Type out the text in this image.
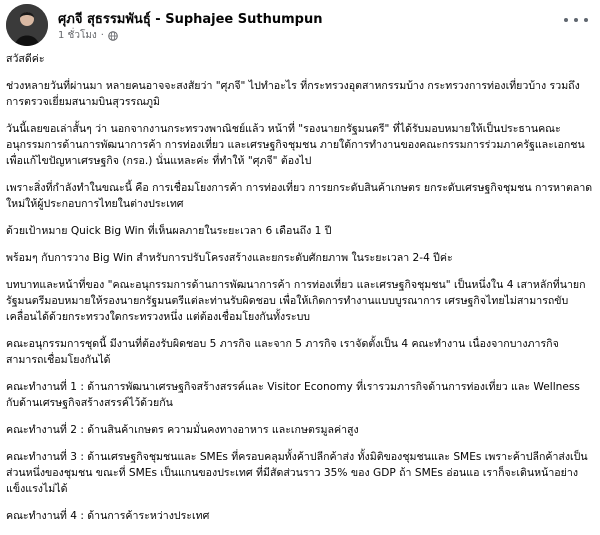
ศุภจี สุธรรมพันธุ์ - Suphajee Suthumpun
1 ชั่วโมง ·

สวัสดีค่ะ

ช่วงหลายวันที่ผ่านมา หลายคนอาจจะสงสัยว่า "ศุภจี" ไปทำอะไร ที่กระทรวงอุตสาหกรรมบ้าง กระทรวงการท่องเที่ยวบ้าง รวมถึงการตรวจเยี่ยมสนามบินสุวรรณภูมิ

วันนี้เลยขอเล่าสั้นๆ ว่า นอกจากงานกระทรวงพาณิชย์แล้ว หน้าที่ "รองนายกรัฐมนตรี" ที่ได้รับมอบหมายให้เป็นประธานคณะอนุกรรมการด้านการพัฒนาการค้า การท่องเที่ยว และเศรษฐกิจชุมชน ภายใต้การทำงานของคณะกรรมการร่วมภาครัฐและเอกชนเพื่อแก้ไขปัญหาเศรษฐกิจ (กรอ.) นั่นแหละค่ะ ที่ทำให้ "ศุภจี" ต้องไป

เพราะสิ่งที่กำลังทำในขณะนี้ คือ การเชื่อมโยงการค้า การท่องเที่ยว การยกระดับสินค้าเกษตร ยกระดับเศรษฐกิจชุมชน การหาตลาดใหม่ให้ผู้ประกอบการไทยในต่างประเทศ

ด้วยเป้าหมาย Quick Big Win ที่เห็นผลภายในระยะเวลา 6 เดือนถึง 1 ปี

พร้อมๆ กับการวาง Big Win สำหรับการปรับโครงสร้างและยกระดับศักยภาพ ในระยะเวลา 2-4 ปีค่ะ

บทบาทและหน้าที่ของ "คณะอนุกรรมการด้านการพัฒนาการค้า การท่องเที่ยว และเศรษฐกิจชุมชน" เป็นหนึ่งใน 4 เสาหลักที่นายกรัฐมนตรีมอบหมายให้รองนายกรัฐมนตรีแต่ละท่านรับผิดชอบ เพื่อให้เกิดการทำงานแบบบูรณาการ เศรษฐกิจไทยไม่สามารถขับเคลื่อนได้ด้วยกระทรวงใดกระทรวงหนึ่ง แต่ต้องเชื่อมโยงกันทั้งระบบ

คณะอนุกรรมการชุดนี้ มีงานที่ต้องรับผิดชอบ 5 ภารกิจ และจาก 5 ภารกิจ เราจัดตั้งเป็น 4 คณะทำงาน เนื่องจากบางภารกิจสามารถเชื่อมโยงกันได้

คณะทำงานที่ 1 : ด้านการพัฒนาเศรษฐกิจสร้างสรรค์และ Visitor Economy ที่เรารวมภารกิจด้านการท่องเที่ยว และ Wellness กับด้านเศรษฐกิจสร้างสรรค์ไว้ด้วยกัน

คณะทำงานที่ 2 : ด้านสินค้าเกษตร ความมั่นคงทางอาหาร และเกษตรมูลค่าสูง

คณะทำงานที่ 3 : ด้านเศรษฐกิจชุมชนและ SMEs ที่ครอบคลุมทั้งค้าปลีกค้าส่ง ทั้งมิติของชุมชนและ SMEs เพราะค้าปลีกค้าส่งเป็นส่วนหนึ่งของชุมชน ขณะที่ SMEs เป็นแกนของประเทศ ที่มีสัดส่วนราว 35% ของ GDP ถ้า SMEs อ่อนแอ เราก็จะเดินหน้าอย่างแข็งแรงไม่ได้

คณะทำงานที่ 4 : ด้านการค้าระหว่างประเทศ
